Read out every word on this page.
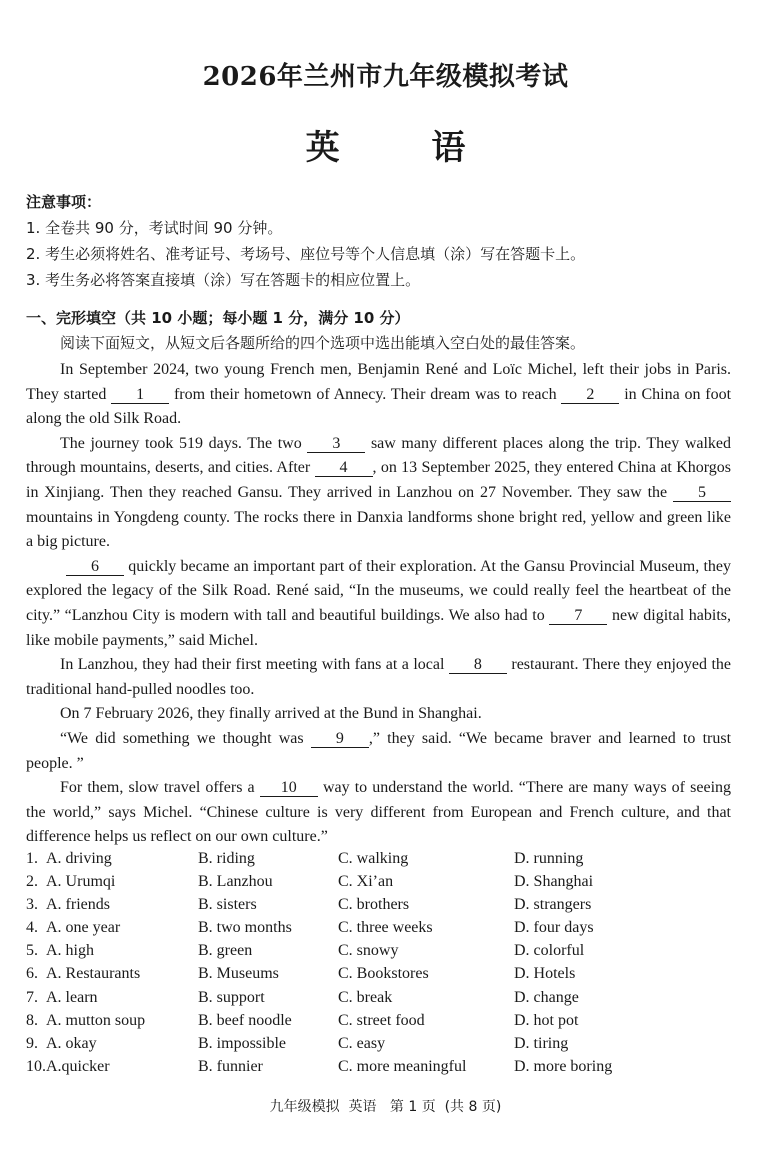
2026年兰州市九年级模拟考试
英 语
注意事项：
1. 全卷共 90 分，考试时间 90 分钟。
2. 考生必须将姓名、准考证号、考场号、座位号等个人信息填（涂）写在答题卡上。
3. 考生务必将答案直接填（涂）写在答题卡的相应位置上。
一、完形填空（共 10 小题；每小题 1 分，满分 10 分）
阅读下面短文，从短文后各题所给的四个选项中选出能填入空白处的最佳答案。

In September 2024, two young French men, Benjamin René and Loïc Michel, left their jobs in Paris. They started 1 from their hometown of Annecy. Their dream was to reach 2 in China on foot along the old Silk Road.

The journey took 519 days. The two 3 saw many different places along the trip. They walked through mountains, deserts, and cities. After 4 , on 13 September 2025, they entered China at Khorgos in Xinjiang. Then they reached Gansu. They arrived in Lanzhou on 27 November. They saw the 5 mountains in Yongdeng county. The rocks there in Danxia landforms shone bright red, yellow and green like a big picture.

6 quickly became an important part of their exploration. At the Gansu Provincial Museum, they explored the legacy of the Silk Road. René said, “In the museums, we could really feel the heartbeat of the city.” “Lanzhou City is modern with tall and beautiful buildings. We also had to 7 new digital habits, like mobile payments,” said Michel.

In Lanzhou, they had their first meeting with fans at a local 8 restaurant. There they enjoyed the traditional hand-pulled noodles too.

On 7 February 2026, they finally arrived at the Bund in Shanghai.

“We did something we thought was 9 ,” they said. “We became braver and learned to trust people. ”

For them, slow travel offers a 10 way to understand the world. “There are many ways of seeing the world,” says Michel. “Chinese culture is very different from European and French culture, and that difference helps us reflect on our own culture.”

1. A. driving	B. riding	C. walking	D. running
2. A. Urumqi	B. Lanzhou	C. Xi’an	D. Shanghai
3. A. friends	B. sisters	C. brothers	D. strangers
4. A. one year	B. two months	C. three weeks	D. four days
5. A. high	B. green	C. snowy	D. colorful
6. A. Restaurants	B. Museums	C. Bookstores	D. Hotels
7. A. learn	B. support	C. break	D. change
8. A. mutton soup	B. beef noodle	C. street food	D. hot pot
9. A. okay	B. impossible	C. easy	D. tiring
10. A.quicker	B. funnier	C. more meaningful	D. more boring
九年级模拟  英语   第 1 页  (共 8 页)
